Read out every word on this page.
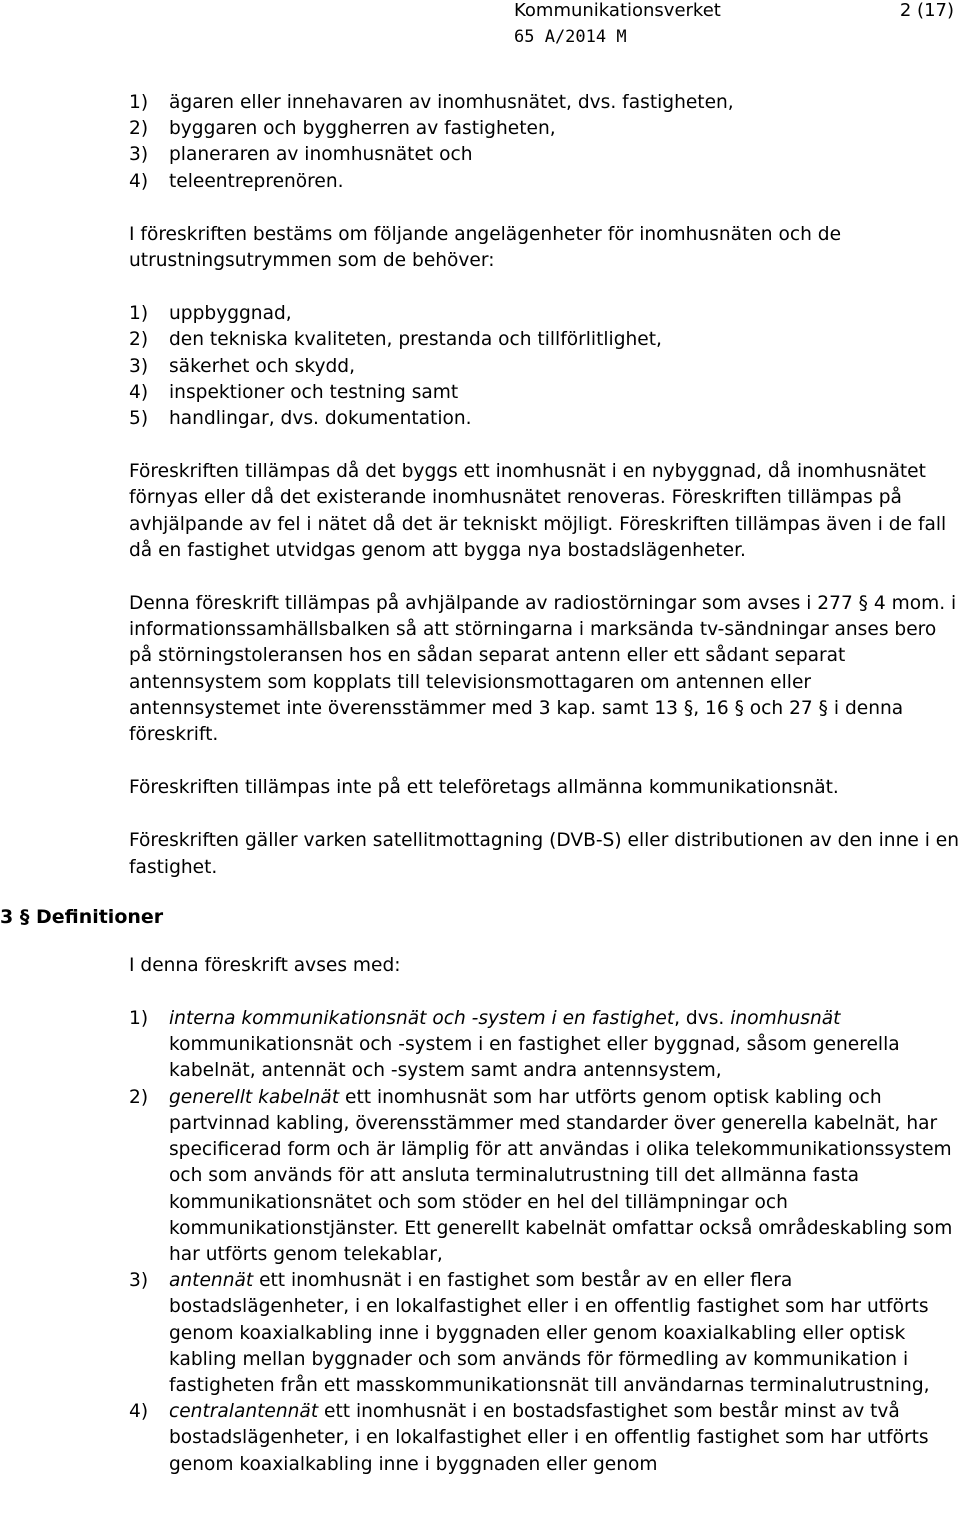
Kommunikationsverket	2 (17)
65 A/2014 M
3 § Definitioner
1)	ägaren eller innehavaren av inomhusnätet, dvs. fastigheten,
2)	byggaren och byggherren av fastigheten,
3)	planeraren av inomhusnätet och
4)	teleentreprenören.

I föreskriften bestäms om följande angelägenheter för inomhusnäten och de utrustningsutrymmen som de behöver:

1)	uppbyggnad,
2)	den tekniska kvaliteten, prestanda och tillförlitlighet,
3)	säkerhet och skydd,
4)	inspektioner och testning samt
5)	handlingar, dvs. dokumentation.

Föreskriften tillämpas då det byggs ett inomhusnät i en nybyggnad, då inomhusnätet förnyas eller då det existerande inomhusnätet renoveras. Föreskriften tillämpas på avhjälpande av fel i nätet då det är tekniskt möjligt. Föreskriften tillämpas även i de fall då en fastighet utvidgas genom att bygga nya bostadslägenheter.

Denna föreskrift tillämpas på avhjälpande av radiostörningar som avses i 277 § 4 mom. i informationssamhällsbalken så att störningarna i marksända tv-sändningar anses bero på störningstoleransen hos en sådan separat antenn eller ett sådant separat antennsystem som kopplats till televisionsmottagaren om antennen eller antennsystemet inte överensstämmer med 3 kap. samt 13 §, 16 § och 27 § i denna föreskrift.

Föreskriften tillämpas inte på ett teleföretags allmänna kommunikationsnät.

Föreskriften gäller varken satellitmottagning (DVB-S) eller distributionen av den inne i en fastighet.

I denna föreskrift avses med:

1)	interna kommunikationsnät och -system i en fastighet, dvs. inomhusnät kommunikationsnät och -system i en fastighet eller byggnad, såsom generella kabelnät, antennät och -system samt andra antennsystem,
2)	generellt kabelnät ett inomhusnät som har utförts genom optisk kabling och partvinnad kabling, överensstämmer med standarder över generella kabelnät, har specificerad form och är lämplig för att användas i olika telekommunikationssystem och som används för att ansluta terminalutrustning till det allmänna fasta kommunikationsnätet och som stöder en hel del tillämpningar och kommunikationstjänster. Ett generellt kabelnät omfattar också områdeskabling som har utförts genom telekablar,
3)	antennät ett inomhusnät i en fastighet som består av en eller flera bostadslägenheter, i en lokalfastighet eller i en offentlig fastighet som har utförts genom koaxialkabling inne i byggnaden eller genom koaxialkabling eller optisk kabling mellan byggnader och som används för förmedling av kommunikation i fastigheten från ett masskommunikationsnät till användarnas terminalutrustning,
4)	centralantennät ett inomhusnät i en bostadsfastighet som består minst av två bostadslägenheter, i en lokalfastighet eller i en offentlig fastighet som har utförts genom koaxialkabling inne i byggnaden eller genom
